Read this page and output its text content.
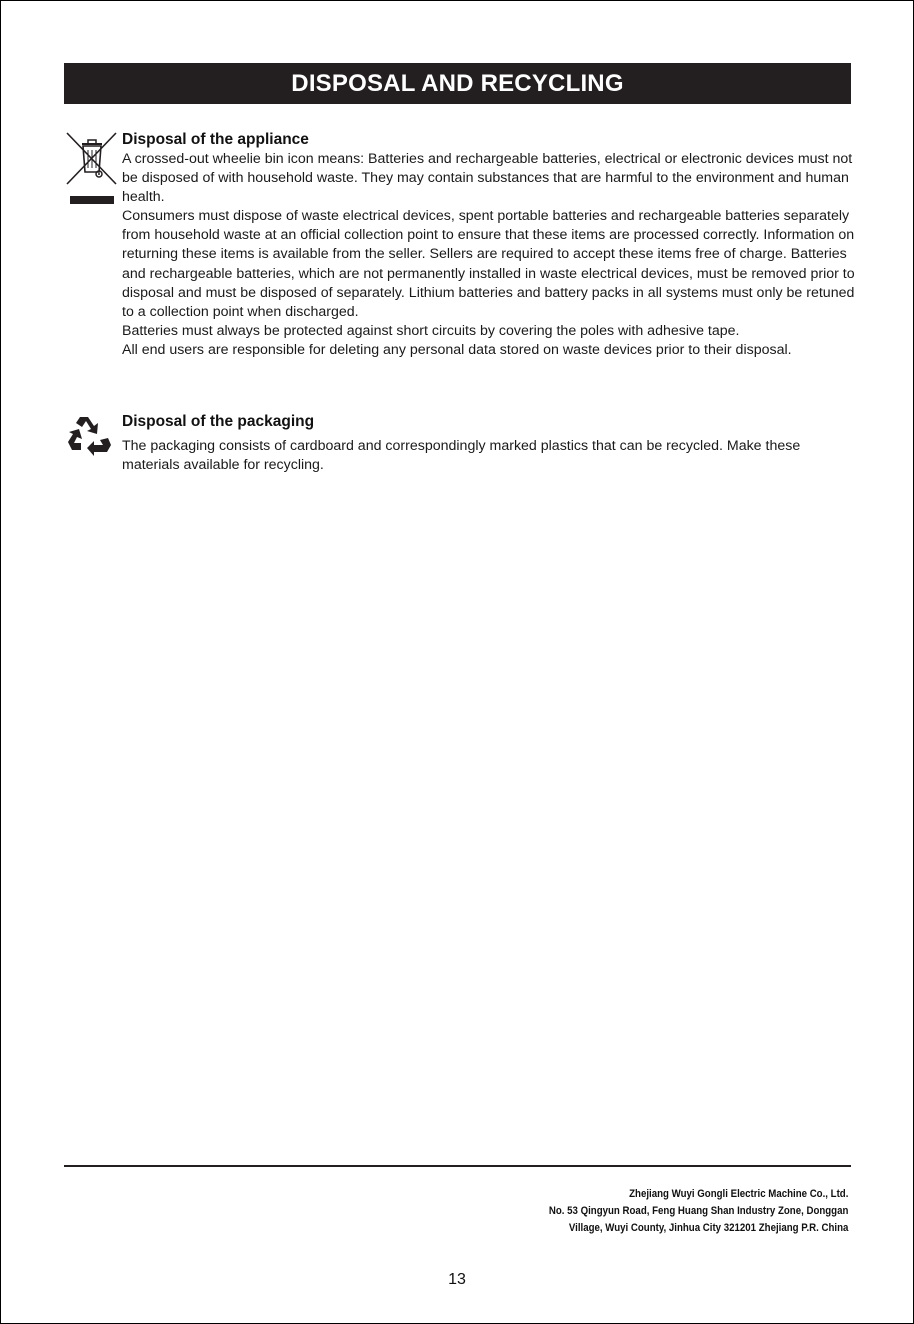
DISPOSAL AND RECYCLING
Disposal of the appliance

A crossed-out wheelie bin icon means: Batteries and rechargeable batteries, electrical or electronic devices must not be disposed of with household waste. They may contain substances that are harmful to the environment and human health.

Consumers must dispose of waste electrical devices, spent portable batteries and rechargeable batteries separately from household waste at an official collection point to ensure that these items are processed correctly. Information on returning these items is available from the seller. Sellers are required to accept these items free of charge. Batteries and rechargeable batteries, which are not permanently installed in waste electrical devices, must be removed prior to disposal and must be disposed of separately. Lithium batteries and battery packs in all systems must only be retuned to a collection point when discharged.

Batteries must always be protected against short circuits by covering the poles with adhesive tape.

All end users are responsible for deleting any personal data stored on waste devices prior to their disposal.

Disposal of the packaging

The packaging consists of cardboard and correspondingly marked plastics that can be recycled. Make these materials available for recycling.

Zhejiang Wuyi Gongli Electric Machine Co., Ltd.
No. 53 Qingyun Road, Feng Huang Shan Industry Zone, Donggan
Village, Wuyi County, Jinhua City 321201 Zhejiang P.R. China
13
